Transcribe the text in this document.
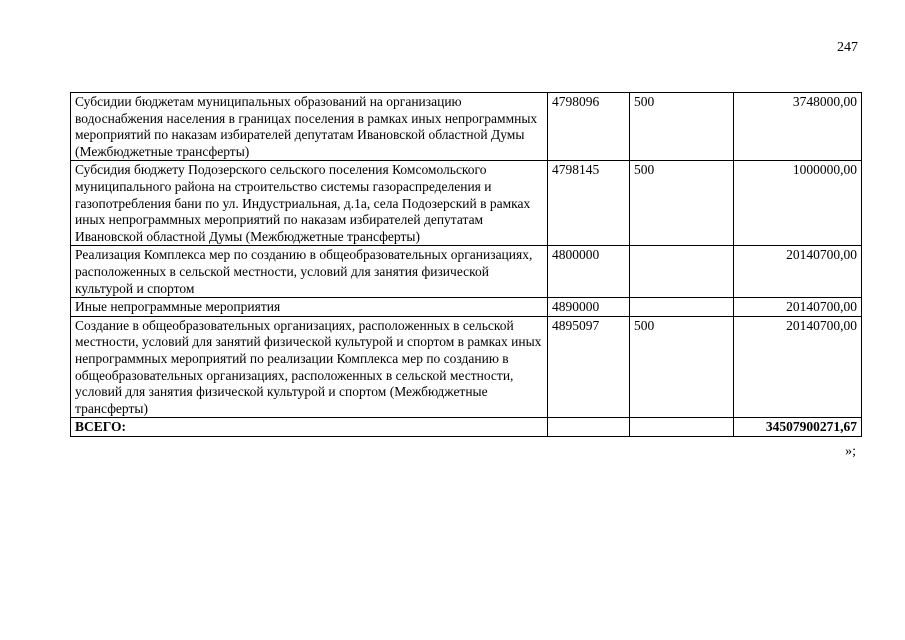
247
Субсидии бюджетам муниципальных образований на организацию водоснабжения населения в границах поселения в рамках иных непрограммных мероприятий по наказам избирателей депутатам Ивановской областной Думы (Межбюджетные трансферты)	4798096	500	3748000,00
Субсидия бюджету Подозерского сельского поселения Комсомольского муниципального района на строительство системы газораспределения и газопотребления бани по ул. Индустриальная, д.1а, села Подозерский в рамках иных непрограммных мероприятий по наказам избирателей депутатам Ивановской областной Думы (Межбюджетные трансферты)	4798145	500	1000000,00
Реализация Комплекса мер по созданию в общеобразовательных организациях, расположенных в сельской местности, условий для занятия физической культурой и спортом	4800000		20140700,00
Иные непрограммные мероприятия	4890000		20140700,00
Создание в общеобразовательных организациях, расположенных в сельской местности, условий для занятий физической культурой и спортом в рамках иных непрограммных мероприятий по реализации Комплекса мер по созданию в общеобразовательных организациях, расположенных в сельской местности, условий для занятия физической культурой и спортом (Межбюджетные трансферты)	4895097	500	20140700,00
ВСЕГО:			34507900271,67
»;
